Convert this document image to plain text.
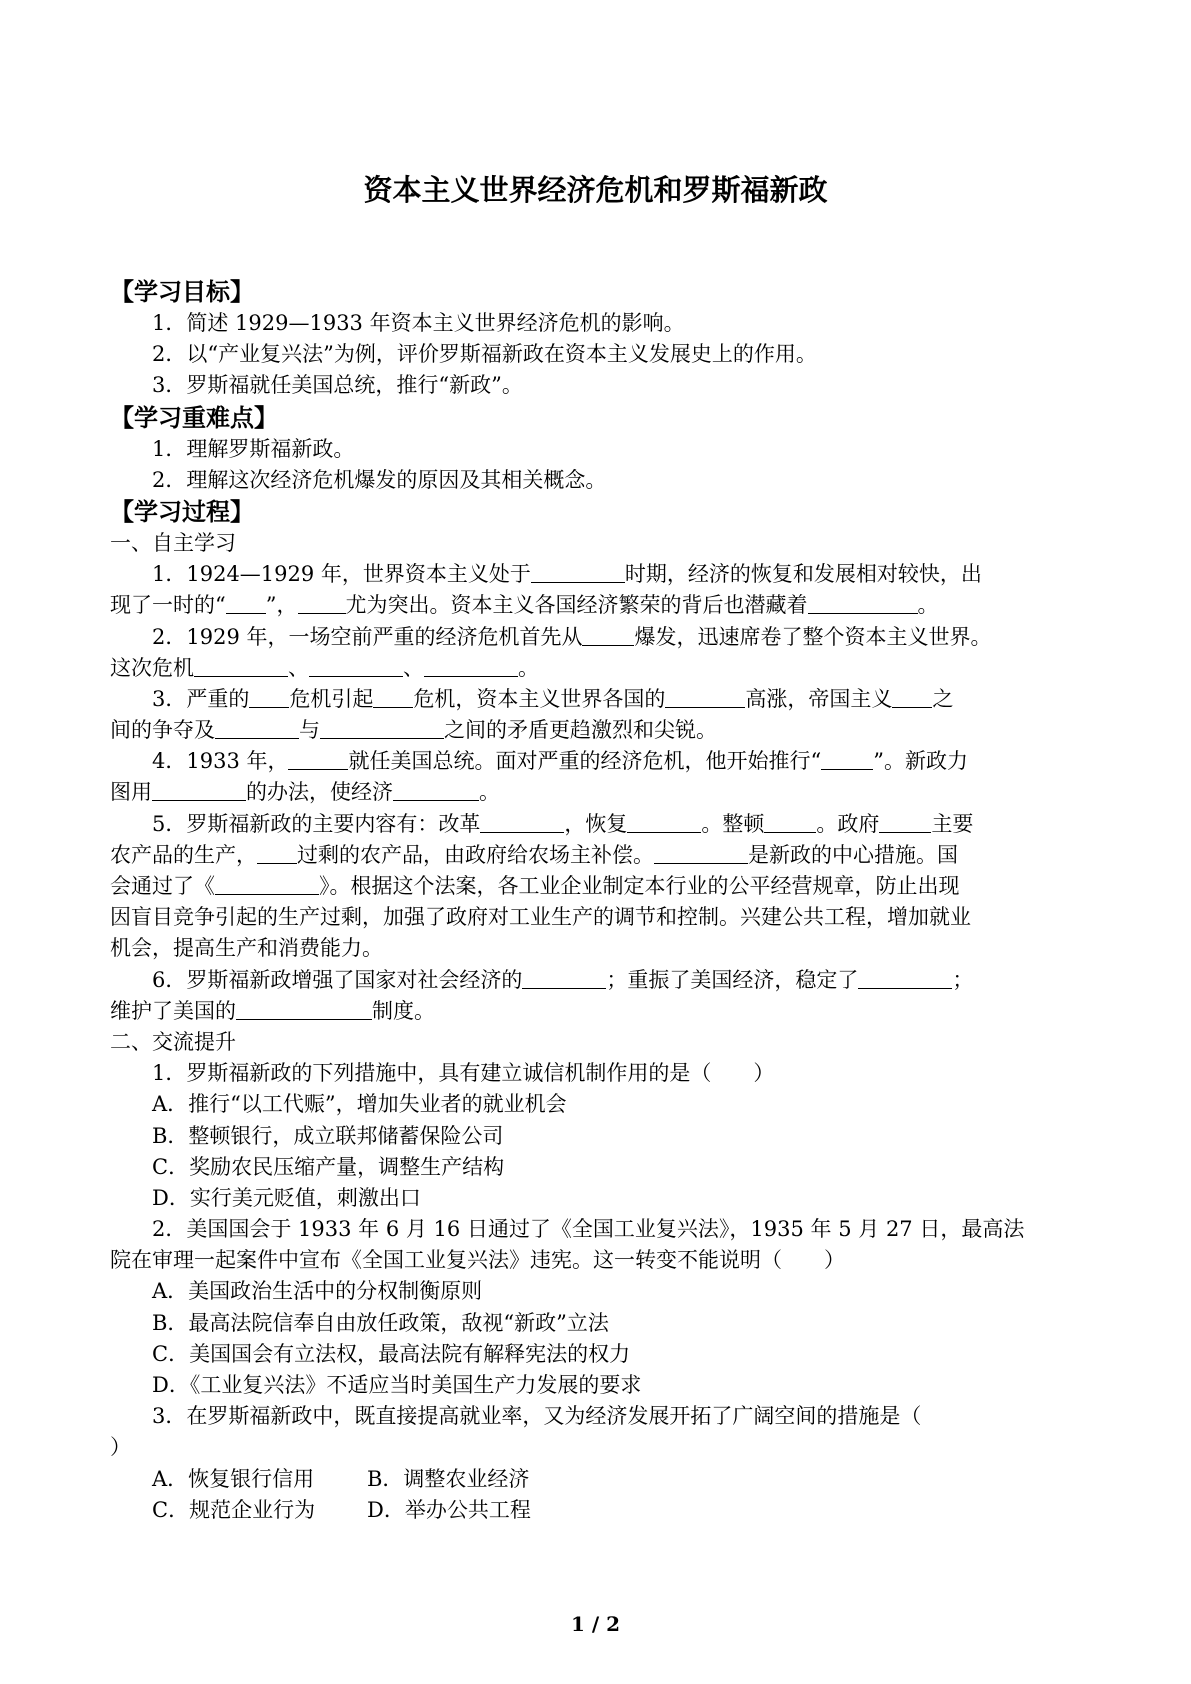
资本主义世界经济危机和罗斯福新政
【学习目标】
1．简述 1929—1933 年资本主义世界经济危机的影响。
2．以“产业复兴法”为例，评价罗斯福新政在资本主义发展史上的作用。
3．罗斯福就任美国总统，推行“新政”。
【学习重难点】
1．理解罗斯福新政。
2．理解这次经济危机爆发的原因及其相关概念。
【学习过程】
一、自主学习
1．1924—1929 年，世界资本主义处于	时期，经济的恢复和发展相对较快，出
现了一时的“ ”， 尤为突出。资本主义各国经济繁荣的背后也潜藏着	。
2．1929 年，一场空前严重的经济危机首先从 爆发，迅速席卷了整个资本主义世界。
这次危机	、	、	。
3．严重的 危机引起 危机，资本主义世界各国的	高涨，帝国主义 之
间的争夺及	与	之间的矛盾更趋激烈和尖锐。
4．1933 年，	就任美国总统。面对严重的经济危机，他开始推行“ ”。新政力
图用	的办法，使经济	。
5．罗斯福新政的主要内容有：改革	，恢复	。整顿 。政府 主要
农产品的生产， 过剩的农产品，由政府给农场主补偿。	是新政的中心措施。国
会通过了《	》。根据这个法案，各工业企业制定本行业的公平经营规章，防止出现
因盲目竞争引起的生产过剩，加强了政府对工业生产的调节和控制。兴建公共工程，增加就业
机会，提高生产和消费能力。
6．罗斯福新政增强了国家对社会经济的	；重振了美国经济，稳定了	；
维护了美国的	制度。
二、交流提升
1．罗斯福新政的下列措施中，具有建立诚信机制作用的是（　　）
A．推行“以工代赈”，增加失业者的就业机会
B．整顿银行，成立联邦储蓄保险公司
C．奖励农民压缩产量，调整生产结构
D．实行美元贬值，刺激出口
2．美国国会于 1933 年 6 月 16 日通过了《全国工业复兴法》，1935 年 5 月 27 日，最高法
院在审理一起案件中宣布《全国工业复兴法》违宪。这一转变不能说明（　　）
A．美国政治生活中的分权制衡原则
B．最高法院信奉自由放任政策，敌视“新政”立法
C．美国国会有立法权，最高法院有解释宪法的权力
D．《工业复兴法》不适应当时美国生产力发展的要求
3．在罗斯福新政中，既直接提高就业率，又为经济发展开拓了广阔空间的措施是（
）
A．恢复银行信用	B．调整农业经济
C．规范企业行为 D．举办公共工程
1 / 2
